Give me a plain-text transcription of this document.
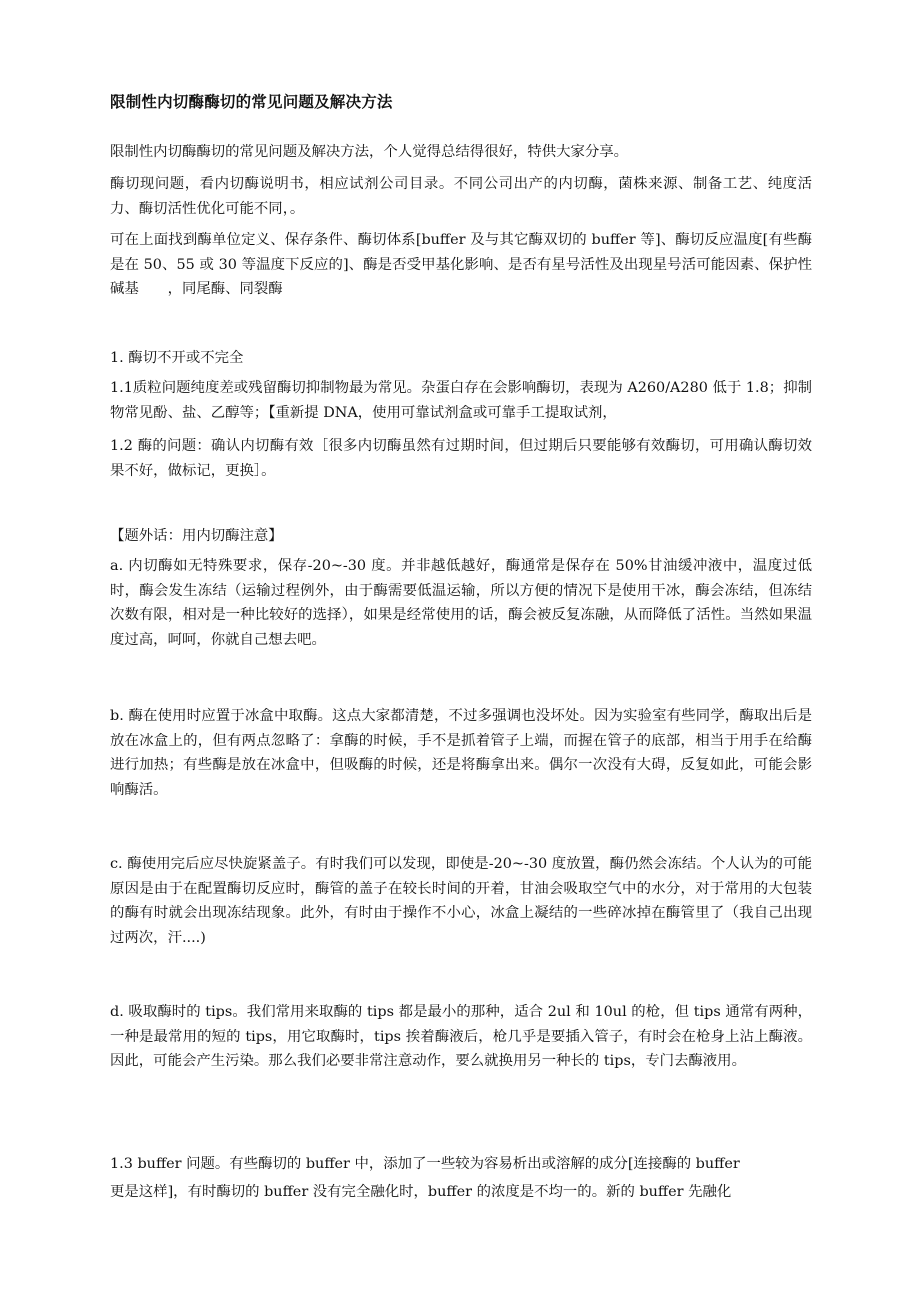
限制性内切酶酶切的常见问题及解决方法
限制性内切酶酶切的常见问题及解决方法，个人觉得总结得很好，特供大家分享。
酶切现问题，看内切酶说明书，相应试剂公司目录。不同公司出产的内切酶，菌株来源、制备工艺、纯度活力、酶切活性优化可能不同，。
可在上面找到酶单位定义、保存条件、酶切体系[buffer 及与其它酶双切的 buffer 等]、酶切反应温度[有些酶是在 50、55 或 30 等温度下反应的]、酶是否受甲基化影响、是否有星号活性及出现星号活可能因素、保护性碱基　　，同尾酶、同裂酶
1. 酶切不开或不完全
1.1质粒问题纯度差或残留酶切抑制物最为常见。杂蛋白存在会影响酶切，表现为 A260/A280 低于 1.8；抑制物常见酚、盐、乙醇等；【重新提 DNA，使用可靠试剂盒或可靠手工提取试剂，
1.2 酶的问题：确认内切酶有效［很多内切酶虽然有过期时间，但过期后只要能够有效酶切，可用确认酶切效果不好，做标记，更换］。
【题外话：用内切酶注意】
a. 内切酶如无特殊要求，保存-20~-30 度。并非越低越好，酶通常是保存在 50%甘油缓冲液中，温度过低时，酶会发生冻结（运输过程例外，由于酶需要低温运输，所以方便的情况下是使用干冰，酶会冻结，但冻结次数有限，相对是一种比较好的选择），如果是经常使用的话，酶会被反复冻融，从而降低了活性。当然如果温度过高，呵呵，你就自己想去吧。
b. 酶在使用时应置于冰盒中取酶。这点大家都清楚，不过多强调也没坏处。因为实验室有些同学，酶取出后是放在冰盒上的，但有两点忽略了：拿酶的时候，手不是抓着管子上端，而握在管子的底部，相当于用手在给酶进行加热；有些酶是放在冰盒中，但吸酶的时候，还是将酶拿出来。偶尔一次没有大碍，反复如此，可能会影响酶活。
c. 酶使用完后应尽快旋紧盖子。有时我们可以发现，即使是-20~-30 度放置，酶仍然会冻结。个人认为的可能原因是由于在配置酶切反应时，酶管的盖子在较长时间的开着，甘油会吸取空气中的水分，对于常用的大包装的酶有时就会出现冻结现象。此外，有时由于操作不小心，冰盒上凝结的一些碎冰掉在酶管里了（我自己出现过两次，汗....)
d. 吸取酶时的 tips。我们常用来取酶的 tips 都是最小的那种，适合 2ul 和 10ul 的枪，但 tips 通常有两种，一种是最常用的短的 tips，用它取酶时，tips 挨着酶液后，枪几乎是要插入管子，有时会在枪身上沾上酶液。因此，可能会产生污染。那么我们必要非常注意动作，要么就换用另一种长的 tips，专门去酶液用。
1.3 buffer 问题。有些酶切的 buffer 中，添加了一些较为容易析出或溶解的成分[连接酶的 buffer
更是这样]，有时酶切的 buffer 没有完全融化时，buffer 的浓度是不均一的。新的 buffer 先融化
